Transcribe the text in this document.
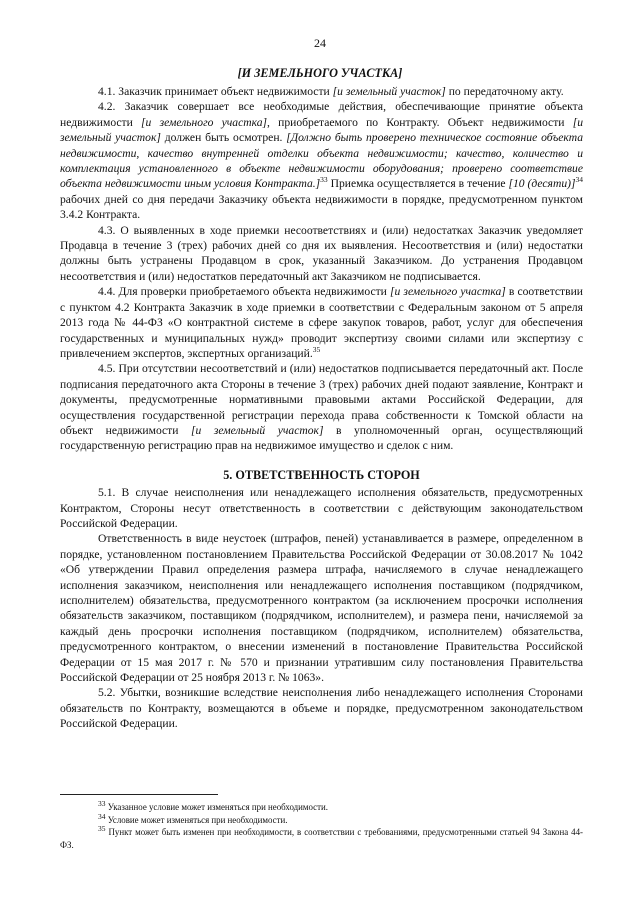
24
[И ЗЕМЕЛЬНОГО УЧАСТКА]

4.1. Заказчик принимает объект недвижимости [и земельный участок] по передаточному акту.

4.2. Заказчик совершает все необходимые действия, обеспечивающие принятие объекта недвижимости [и земельного участка], приобретаемого по Контракту. Объект недвижимости [и земельный участок] должен быть осмотрен. [Должно быть проверено техническое состояние объекта недвижимости, качество внутренней отделки объекта недвижимости; качество, количество и комплектация установленного в объекте недвижимости оборудования; проверено соответствие объекта недвижимости иным условия Контракта.]$^{33}$ Приемка осуществляется в течение [10 (десяти)]$^{34}$ рабочих дней со дня передачи Заказчику объекта недвижимости в порядке, предусмотренном пунктом 3.4.2 Контракта.

4.3. О выявленных в ходе приемки несоответствиях и (или) недостатках Заказчик уведомляет Продавца в течение 3 (трех) рабочих дней со дня их выявления. Несоответствия и (или) недостатки должны быть устранены Продавцом в срок, указанный Заказчиком. До устранения Продавцом несоответствия и (или) недостатков передаточный акт Заказчиком не подписывается.

4.4. Для проверки приобретаемого объекта недвижимости [и земельного участка] в соответствии с пунктом 4.2 Контракта Заказчик в ходе приемки в соответствии с Федеральным законом от 5 апреля 2013 года № 44-ФЗ «О контрактной системе в сфере закупок товаров, работ, услуг для обеспечения государственных и муниципальных нужд» проводит экспертизу своими силами или экспертизу с привлечением экспертов, экспертных организаций.$^{35}$

4.5. При отсутствии несоответствий и (или) недостатков подписывается передаточный акт. После подписания передаточного акта Стороны в течение 3 (трех) рабочих дней подают заявление, Контракт и документы, предусмотренные нормативными правовыми актами Российской Федерации, для осуществления государственной регистрации перехода права собственности к Томской области на объект недвижимости [и земельный участок] в уполномоченный орган, осуществляющий государственную регистрацию прав на недвижимое имущество и сделок с ним.

5. ОТВЕТСТВЕННОСТЬ СТОРОН

5.1. В случае неисполнения или ненадлежащего исполнения обязательств, предусмотренных Контрактом, Стороны несут ответственность в соответствии с действующим законодательством Российской Федерации.

Ответственность в виде неустоек (штрафов, пеней) устанавливается в размере, определенном в порядке, установленном постановлением Правительства Российской Федерации от 30.08.2017 № 1042 «Об утверждении Правил определения размера штрафа, начисляемого в случае ненадлежащего исполнения заказчиком, неисполнения или ненадлежащего исполнения поставщиком (подрядчиком, исполнителем) обязательства, предусмотренного контрактом (за исключением просрочки исполнения обязательств заказчиком, поставщиком (подрядчиком, исполнителем), и размера пени, начисляемой за каждый день просрочки исполнения поставщиком (подрядчиком, исполнителем) обязательства, предусмотренного контрактом, о внесении изменений в постановление Правительства Российской Федерации от 15 мая 2017 г. № 570 и признании утратившим силу постановления Правительства Российской Федерации от 25 ноября 2013 г. № 1063».

5.2. Убытки, возникшие вследствие неисполнения либо ненадлежащего исполнения Сторонами обязательств по Контракту, возмещаются в объеме и порядке, предусмотренном законодательством Российской Федерации.

$^{33}$ Указанное условие может изменяться при необходимости.

$^{34}$ Условие может изменяться при необходимости.

$^{35}$ Пункт может быть изменен при необходимости, в соответствии с требованиями, предусмотренными статьей 94 Закона 44-ФЗ.
